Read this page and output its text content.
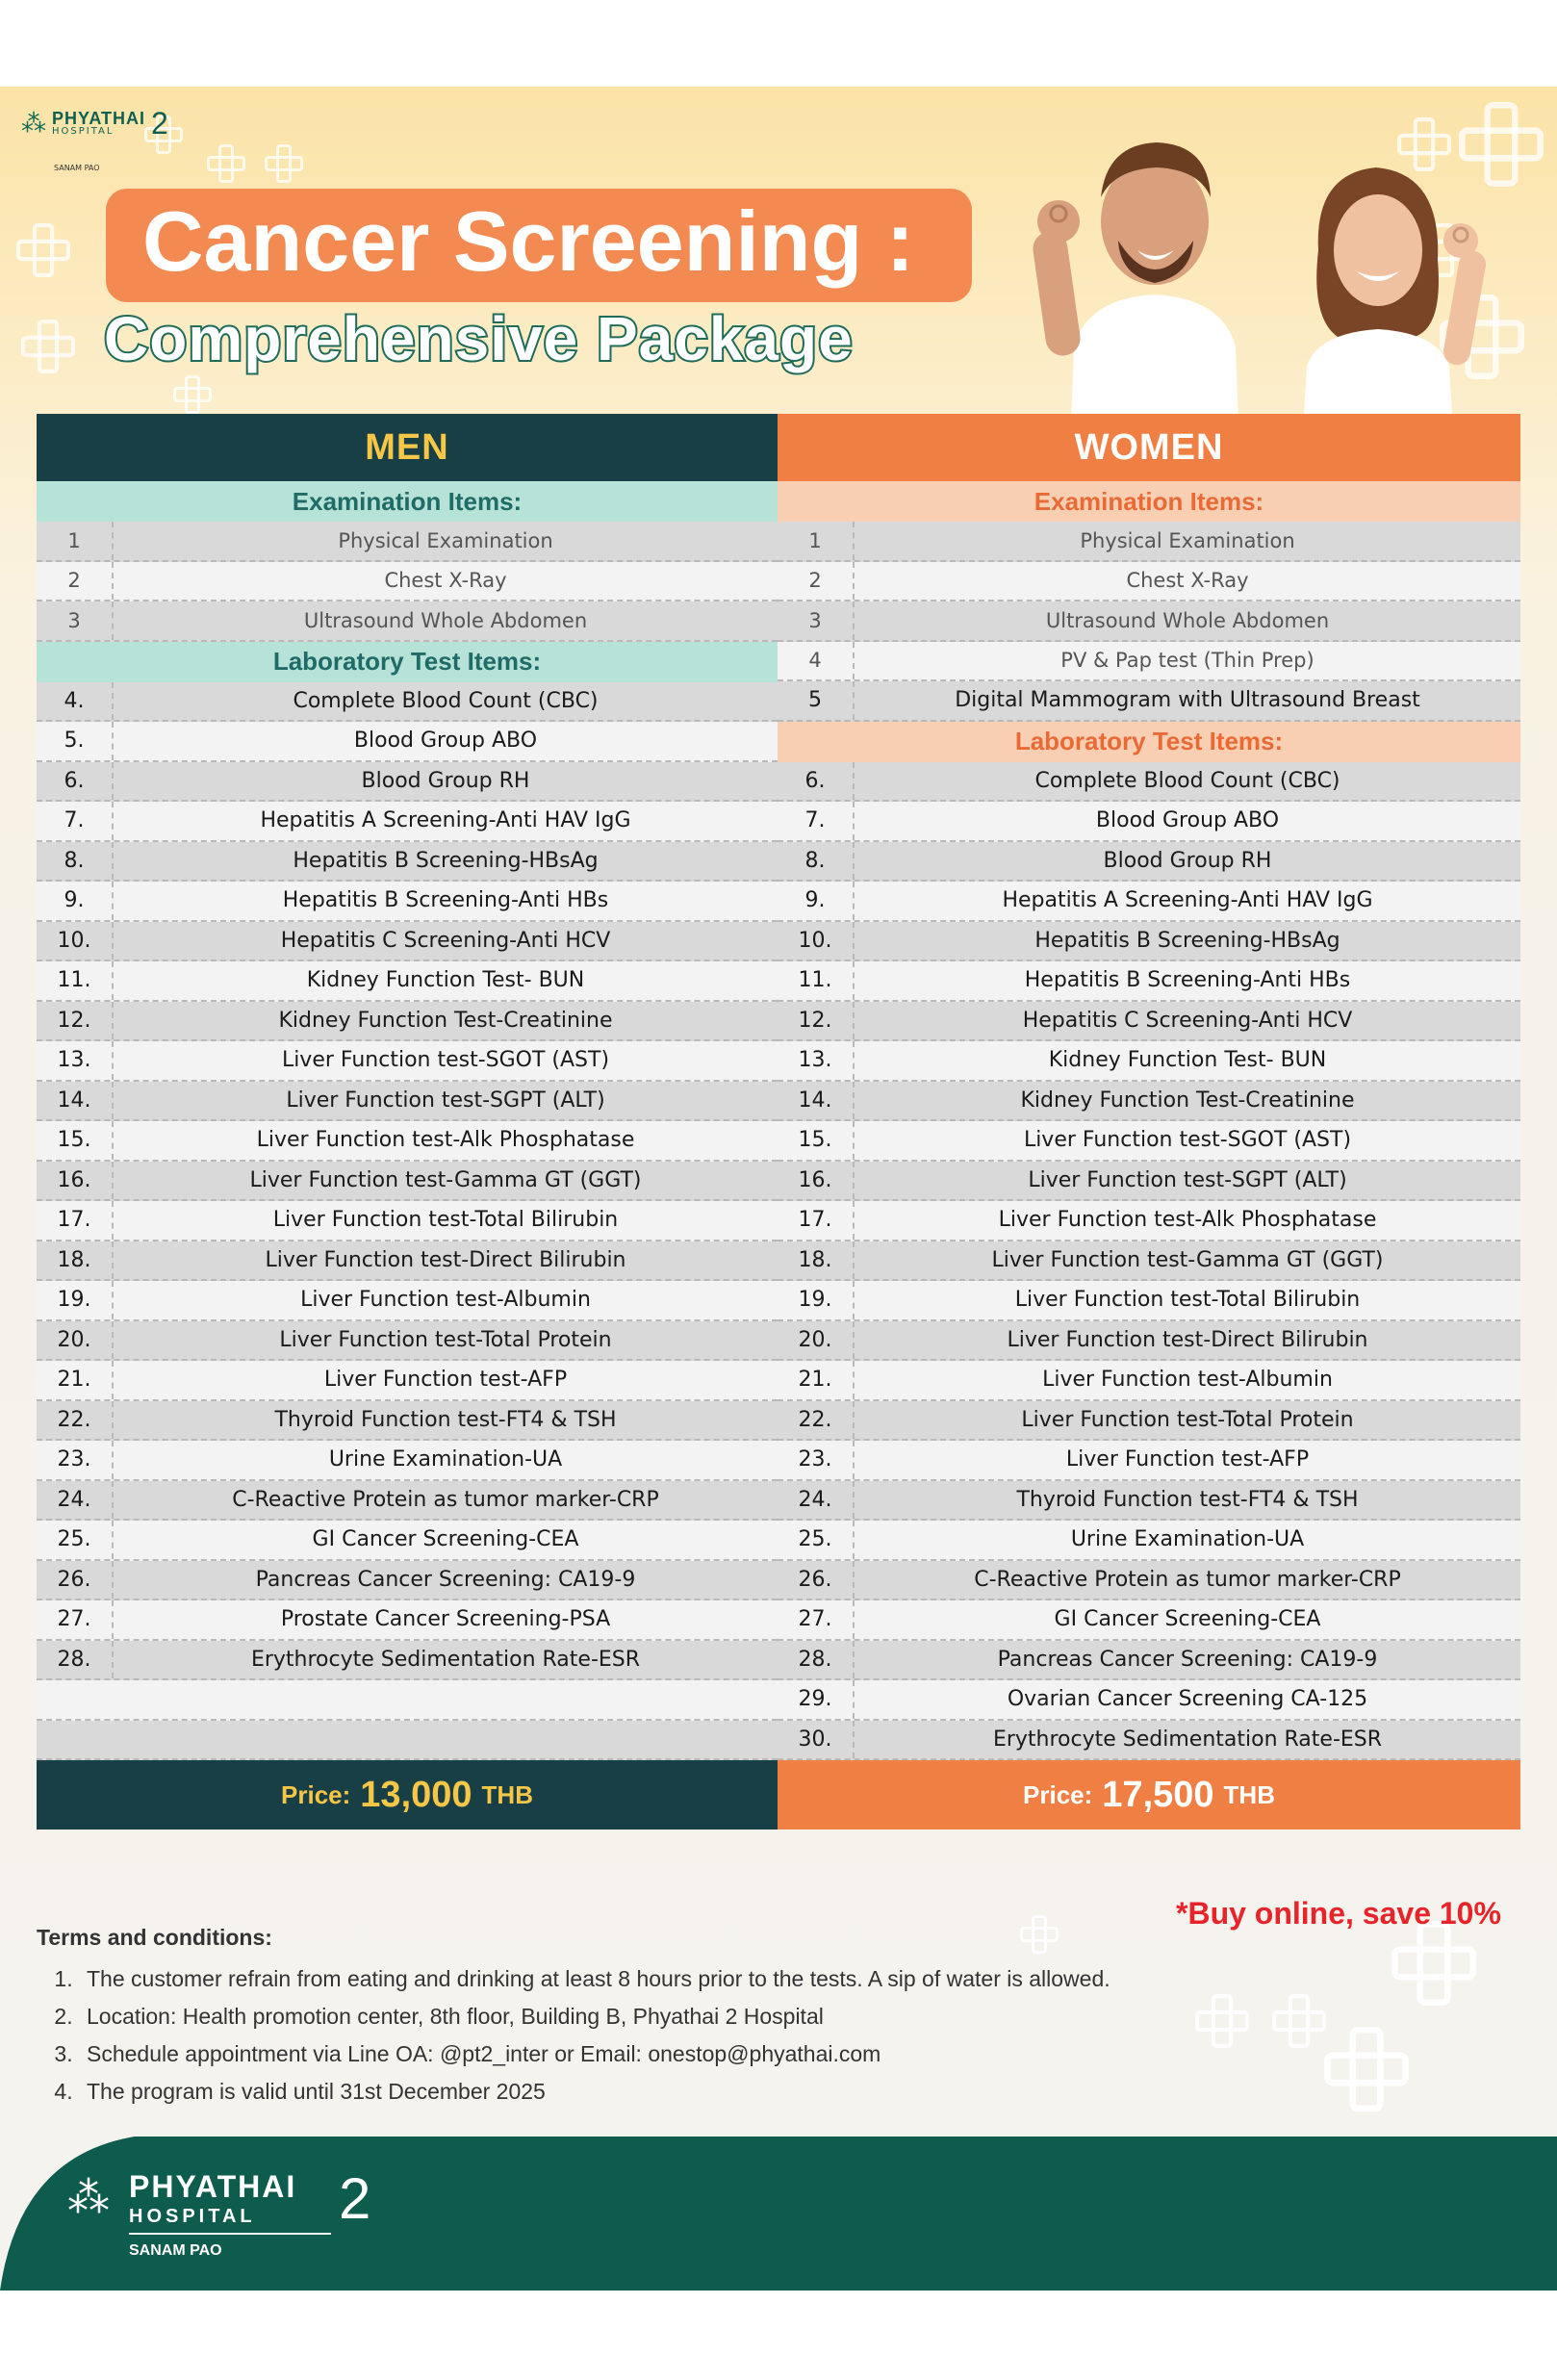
⁂ PHYATHAI
HOSPITAL	2
SANAM PAO
Cancer Screening :
Comprehensive Package
MEN
Examination Items:
1	Physical Examination
2	Chest X-Ray
3	Ultrasound Whole Abdomen
Laboratory Test Items:
4.	Complete Blood Count (CBC)
5.	Blood Group ABO
6.	Blood Group RH
7.	Hepatitis A Screening-Anti HAV IgG
8.	Hepatitis B Screening-HBsAg
9.	Hepatitis B Screening-Anti HBs
10.	Hepatitis C Screening-Anti HCV
11.	Kidney Function Test- BUN
12.	Kidney Function Test-Creatinine
13.	Liver Function test-SGOT (AST)
14.	Liver Function test-SGPT (ALT)
15.	Liver Function test-Alk Phosphatase
16.	Liver Function test-Gamma GT (GGT)
17.	Liver Function test-Total Bilirubin
18.	Liver Function test-Direct Bilirubin
19.	Liver Function test-Albumin
20.	Liver Function test-Total Protein
21.	Liver Function test-AFP
22.	Thyroid Function test-FT4 & TSH
23.	Urine Examination-UA
24.	C-Reactive Protein as tumor marker-CRP
25.	GI Cancer Screening-CEA
26.	Pancreas Cancer Screening: CA19-9
27.	Prostate Cancer Screening-PSA
28.	Erythrocyte Sedimentation Rate-ESR
Price: 13,000 THB
WOMEN
Examination Items:
1	Physical Examination
2	Chest X-Ray
3	Ultrasound Whole Abdomen
4	PV & Pap test (Thin Prep)
5	Digital Mammogram with Ultrasound Breast
Laboratory Test Items:
6.	Complete Blood Count (CBC)
7.	Blood Group ABO
8.	Blood Group RH
9.	Hepatitis A Screening-Anti HAV IgG
10.	Hepatitis B Screening-HBsAg
11.	Hepatitis B Screening-Anti HBs
12.	Hepatitis C Screening-Anti HCV
13.	Kidney Function Test- BUN
14.	Kidney Function Test-Creatinine
15.	Liver Function test-SGOT (AST)
16.	Liver Function test-SGPT (ALT)
17.	Liver Function test-Alk Phosphatase
18.	Liver Function test-Gamma GT (GGT)
19.	Liver Function test-Total Bilirubin
20.	Liver Function test-Direct Bilirubin
21.	Liver Function test-Albumin
22.	Liver Function test-Total Protein
23.	Liver Function test-AFP
24.	Thyroid Function test-FT4 & TSH
25.	Urine Examination-UA
26.	C-Reactive Protein as tumor marker-CRP
27.	GI Cancer Screening-CEA
28.	Pancreas Cancer Screening: CA19-9
29.	Ovarian Cancer Screening CA-125
30.	Erythrocyte Sedimentation Rate-ESR
Price: 17,500 THB
*Buy online, save 10%
Terms and conditions:
1. The customer refrain from eating and drinking at least 8 hours prior to the tests. A sip of water is allowed.
2. Location: Health promotion center, 8th floor, Building B, Phyathai 2 Hospital
3. Schedule appointment via Line OA: @pt2_inter or Email: onestop@phyathai.com
4. The program is valid until 31st December 2025
⁂ PHYATHAI
HOSPITAL 2
SANAM PAO
